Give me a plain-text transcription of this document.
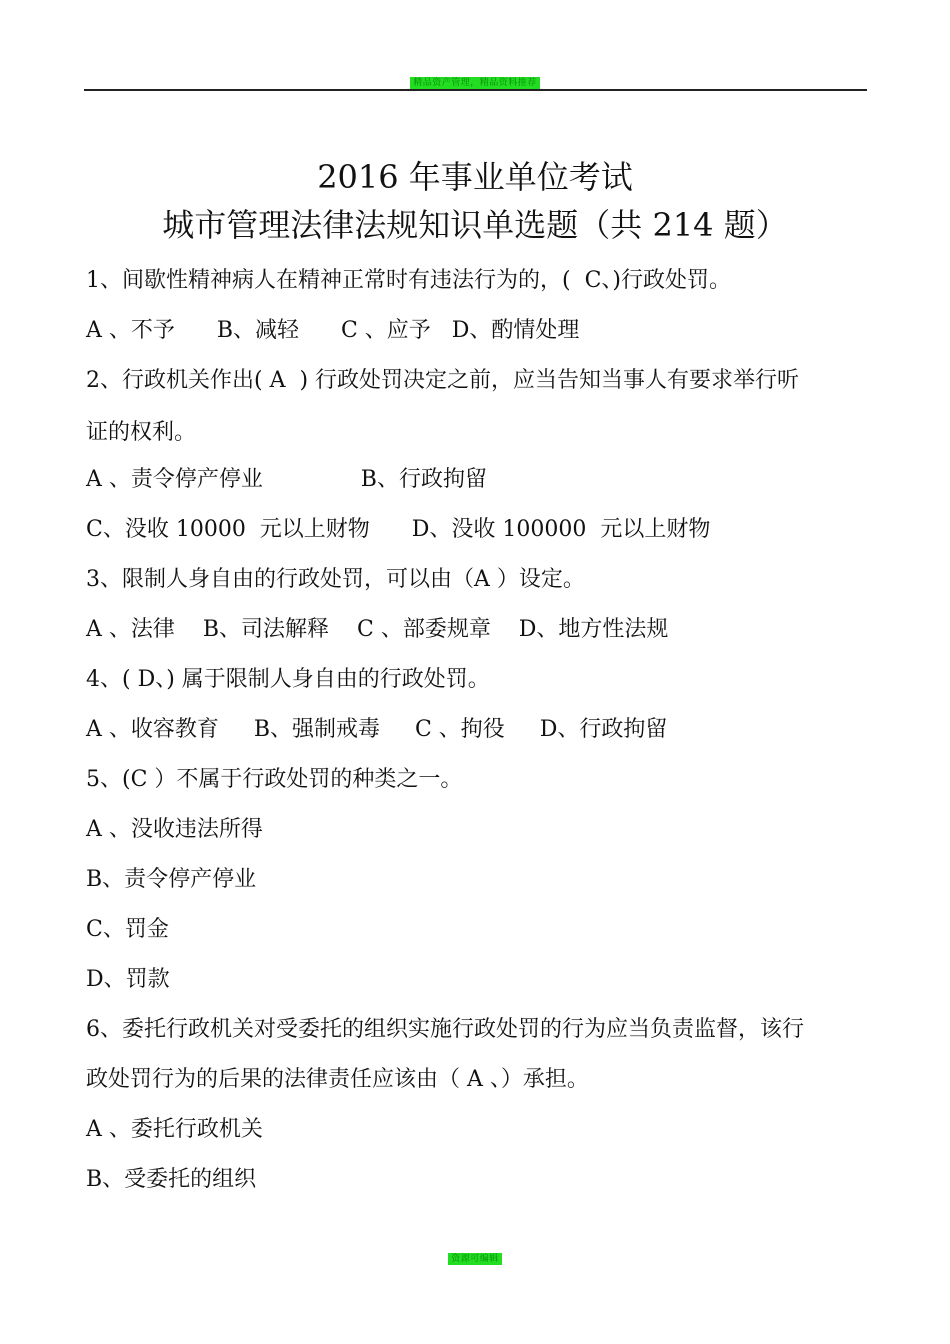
精品资产管理，精品资料推荐
2016 年事业单位考试
城市管理法律法规知识单选题（共 214 题）
1、间歇性精神病人在精神正常时有违法行为的，(  C、)行政处罚。
A 、不予      B、减轻      C 、应予   D、酌情处理
2、行政机关作出( A  ) 行政处罚决定之前，应当告知当事人有要求举行听
证的权利。
A 、责令停产停业              B、行政拘留
C、没收 10000  元以上财物      D、没收 100000  元以上财物
3、限制人身自由的行政处罚，可以由（A ）设定。
A 、法律    B、司法解释    C 、部委规章    D、地方性法规
4、( D、) 属于限制人身自由的行政处罚。
A 、收容教育     B、强制戒毒     C 、拘役     D、行政拘留
5、(C ）不属于行政处罚的种类之一。
A 、没收违法所得
B、责令停产停业
C、罚金
D、罚款
6、委托行政机关对受委托的组织实施行政处罚的行为应当负责监督，该行
政处罚行为的后果的法律责任应该由（ A 、）承担。
A 、委托行政机关
B、受委托的组织
资源可编辑
